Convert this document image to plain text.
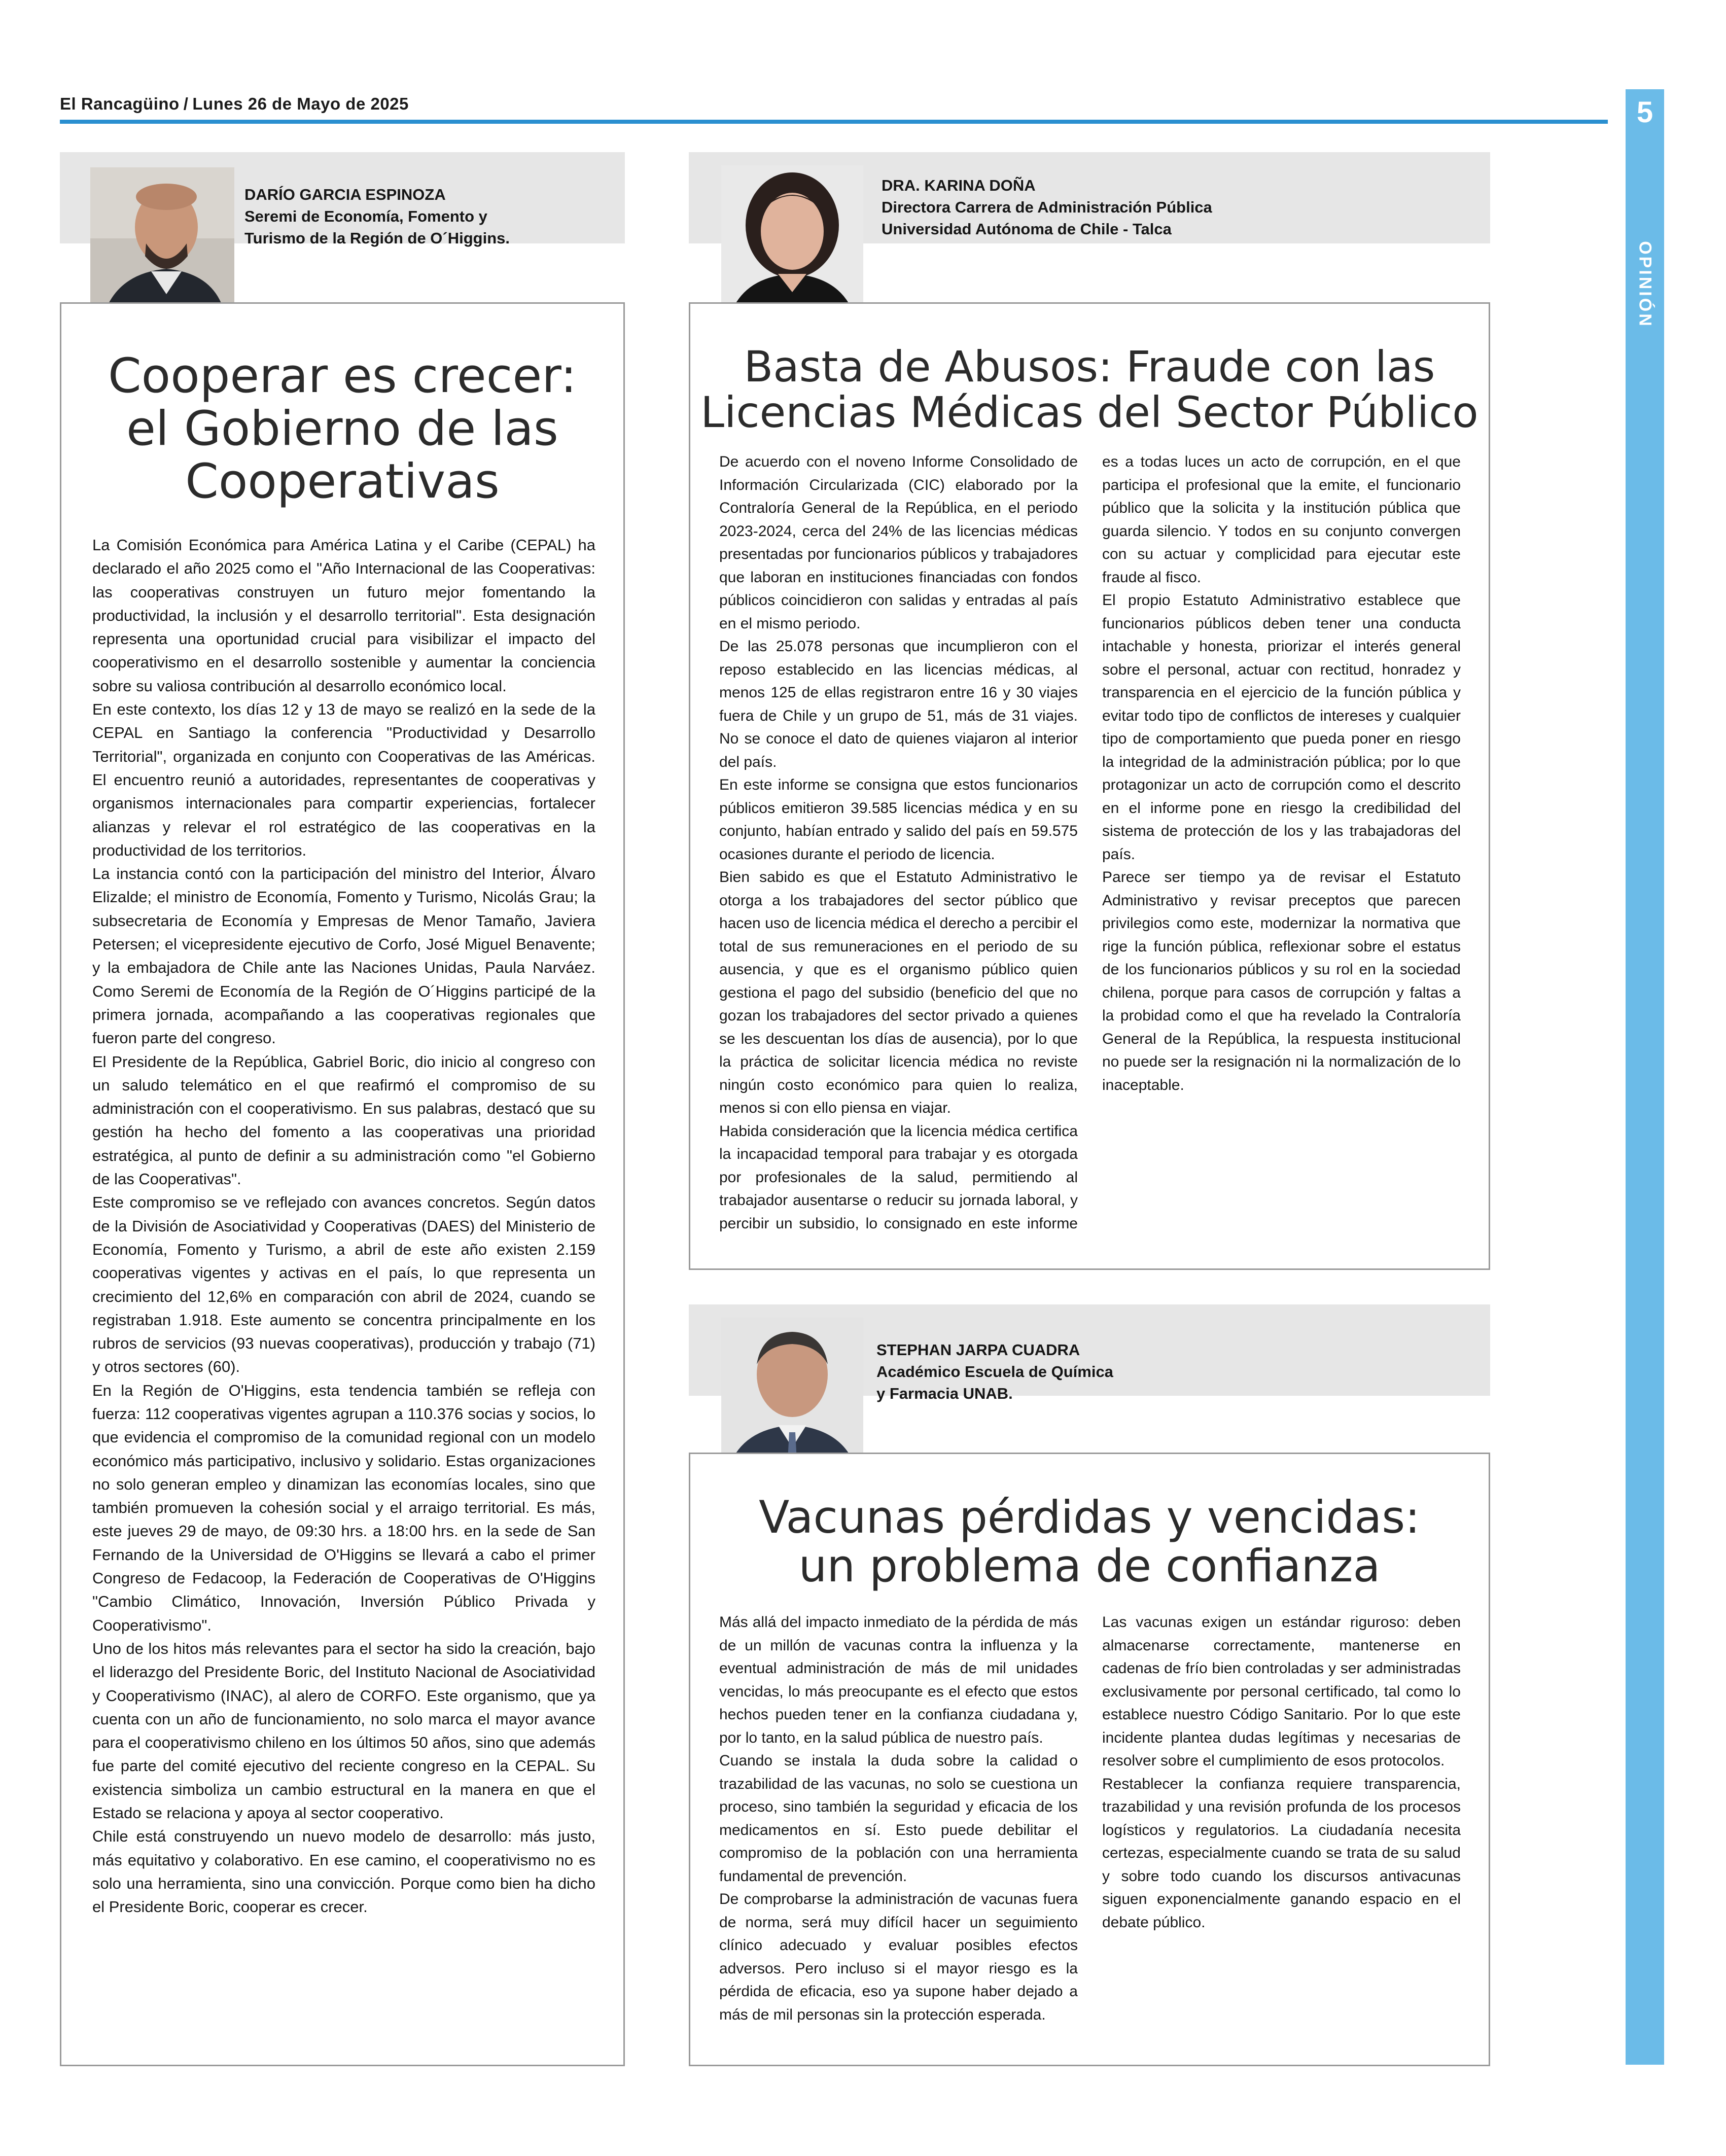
El Rancagüino / Lunes 26 de Mayo de 2025	5
OPINIÓN
DARÍO GARCIA ESPINOZA
Seremi de Economía, Fomento y
Turismo de la Región de O´Higgins.
Cooperar es crecer:
el Gobierno de las
Cooperativas

La Comisión Económica para América Latina y el Caribe (CEPAL) ha declarado el año 2025 como el "Año Internacional de las Cooperativas: las cooperativas construyen un futuro mejor fomentando la productividad, la inclusión y el desarrollo territorial". Esta designación representa una oportunidad crucial para visibilizar el impacto del cooperativismo en el desarrollo sostenible y aumentar la conciencia sobre su valiosa contribución al desarrollo económico local.

En este contexto, los días 12 y 13 de mayo se realizó en la sede de la CEPAL en Santiago la conferencia "Productividad y Desarrollo Territorial", organizada en conjunto con Cooperativas de las Américas. El encuentro reunió a autoridades, representantes de cooperativas y organismos internacionales para compartir experiencias, fortalecer alianzas y relevar el rol estratégico de las cooperativas en la productividad de los territorios.

La instancia contó con la participación del ministro del Interior, Álvaro Elizalde; el ministro de Economía, Fomento y Turismo, Nicolás Grau; la subsecretaria de Economía y Empresas de Menor Tamaño, Javiera Petersen; el vicepresidente ejecutivo de Corfo, José Miguel Benavente; y la embajadora de Chile ante las Naciones Unidas, Paula Narváez. Como Seremi de Economía de la Región de O´Higgins participé de la primera jornada, acompañando a las cooperativas regionales que fueron parte del congreso.

El Presidente de la República, Gabriel Boric, dio inicio al congreso con un saludo telemático en el que reafirmó el compromiso de su administración con el cooperativismo. En sus palabras, destacó que su gestión ha hecho del fomento a las cooperativas una prioridad estratégica, al punto de definir a su administración como "el Gobierno de las Cooperativas".

Este compromiso se ve reflejado con avances concretos. Según datos de la División de Asociatividad y Cooperativas (DAES) del Ministerio de Economía, Fomento y Turismo, a abril de este año existen 2.159 cooperativas vigentes y activas en el país, lo que representa un crecimiento del 12,6% en comparación con abril de 2024, cuando se registraban 1.918. Este aumento se concentra principalmente en los rubros de servicios (93 nuevas cooperativas), producción y trabajo (71) y otros sectores (60).

En la Región de O'Higgins, esta tendencia también se refleja con fuerza: 112 cooperativas vigentes agrupan a 110.376 socias y socios, lo que evidencia el compromiso de la comunidad regional con un modelo económico más participativo, inclusivo y solidario. Estas organizaciones no solo generan empleo y dinamizan las economías locales, sino que también promueven la cohesión social y el arraigo territorial. Es más, este jueves 29 de mayo, de 09:30 hrs. a 18:00 hrs. en la sede de San Fernando de la Universidad de O'Higgins se llevará a cabo el primer Congreso de Fedacoop, la Federación de Cooperativas de O'Higgins "Cambio Climático, Innovación, Inversión Público Privada y Cooperativismo".

Uno de los hitos más relevantes para el sector ha sido la creación, bajo el liderazgo del Presidente Boric, del Instituto Nacional de Asociatividad y Cooperativismo (INAC), al alero de CORFO. Este organismo, que ya cuenta con un año de funcionamiento, no solo marca el mayor avance para el cooperativismo chileno en los últimos 50 años, sino que además fue parte del comité ejecutivo del reciente congreso en la CEPAL. Su existencia simboliza un cambio estructural en la manera en que el Estado se relaciona y apoya al sector cooperativo.

Chile está construyendo un nuevo modelo de desarrollo: más justo, más equitativo y colaborativo. En ese camino, el cooperativismo no es solo una herramienta, sino una convicción. Porque como bien ha dicho el Presidente Boric, cooperar es crecer.

DRA. KARINA DOÑA
Directora Carrera de Administración Pública
Universidad Autónoma de Chile - Talca
Basta de Abusos: Fraude con las
Licencias Médicas del Sector Público

De acuerdo con el noveno Informe Consolidado de Información Circularizada (CIC) elaborado por la Contraloría General de la República, en el periodo 2023-2024, cerca del 24% de las licencias médicas presentadas por funcionarios públicos y trabajadores que laboran en instituciones financiadas con fondos públicos coincidieron con salidas y entradas al país en el mismo periodo.

De las 25.078 personas que incumplieron con el reposo establecido en las licencias médicas, al menos 125 de ellas registraron entre 16 y 30 viajes fuera de Chile y un grupo de 51, más de 31 viajes. No se conoce el dato de quienes viajaron al interior del país.

En este informe se consigna que estos funcionarios públicos emitieron 39.585 licencias médica y en su conjunto, habían entrado y salido del país en 59.575 ocasiones durante el periodo de licencia.

Bien sabido es que el Estatuto Administrativo le otorga a los trabajadores del sector público que hacen uso de licencia médica el derecho a percibir el total de sus remuneraciones en el periodo de su ausencia, y que es el organismo público quien gestiona el pago del subsidio (beneficio del que no gozan los trabajadores del sector privado a quienes se les descuentan los días de ausencia), por lo que la práctica de solicitar licencia médica no reviste ningún costo económico para quien lo realiza, menos si con ello piensa en viajar.

Habida consideración que la licencia médica certifica la incapacidad temporal para trabajar y es otorgada por profesionales de la salud, permitiendo al trabajador ausentarse o reducir su jornada laboral, y percibir un subsidio, lo consignado en este informe es a todas luces un acto de corrupción, en el que participa el profesional que la emite, el funcionario público que la solicita y la institución pública que guarda silencio. Y todos en su conjunto convergen con su actuar y complicidad para ejecutar este fraude al fisco.

El propio Estatuto Administrativo establece que funcionarios públicos deben tener una conducta intachable y honesta, priorizar el interés general sobre el personal, actuar con rectitud, honradez y transparencia en el ejercicio de la función pública y evitar todo tipo de conflictos de intereses y cualquier tipo de comportamiento que pueda poner en riesgo la integridad de la administración pública; por lo que protagonizar un acto de corrupción como el descrito en el informe pone en riesgo la credibilidad del sistema de protección de los y las trabajadoras del país.

Parece ser tiempo ya de revisar el Estatuto Administrativo y revisar preceptos que parecen privilegios como este, modernizar la normativa que rige la función pública, reflexionar sobre el estatus de los funcionarios públicos y su rol en la sociedad chilena, porque para casos de corrupción y faltas a la probidad como el que ha revelado la Contraloría General de la República, la respuesta institucional no puede ser la resignación ni la normalización de lo inaceptable.

STEPHAN JARPA CUADRA
Académico Escuela de Química
y Farmacia UNAB.
Vacunas pérdidas y vencidas:
un problema de confianza

Más allá del impacto inmediato de la pérdida de más de un millón de vacunas contra la influenza y la eventual administración de más de mil unidades vencidas, lo más preocupante es el efecto que estos hechos pueden tener en la confianza ciudadana y, por lo tanto, en la salud pública de nuestro país.

Cuando se instala la duda sobre la calidad o trazabilidad de las vacunas, no solo se cuestiona un proceso, sino también la seguridad y eficacia de los medicamentos en sí. Esto puede debilitar el compromiso de la población con una herramienta fundamental de prevención.

De comprobarse la administración de vacunas fuera de norma, será muy difícil hacer un seguimiento clínico adecuado y evaluar posibles efectos adversos. Pero incluso si el mayor riesgo es la pérdida de eficacia, eso ya supone haber dejado a más de mil personas sin la protección esperada.

Las vacunas exigen un estándar riguroso: deben almacenarse correctamente, mantenerse en cadenas de frío bien controladas y ser administradas exclusivamente por personal certificado, tal como lo establece nuestro Código Sanitario. Por lo que este incidente plantea dudas legítimas y necesarias de resolver sobre el cumplimiento de esos protocolos.

Restablecer la confianza requiere transparencia, trazabilidad y una revisión profunda de los procesos logísticos y regulatorios. La ciudadanía necesita certezas, especialmente cuando se trata de su salud y sobre todo cuando los discursos antivacunas siguen exponencialmente ganando espacio en el debate público.
